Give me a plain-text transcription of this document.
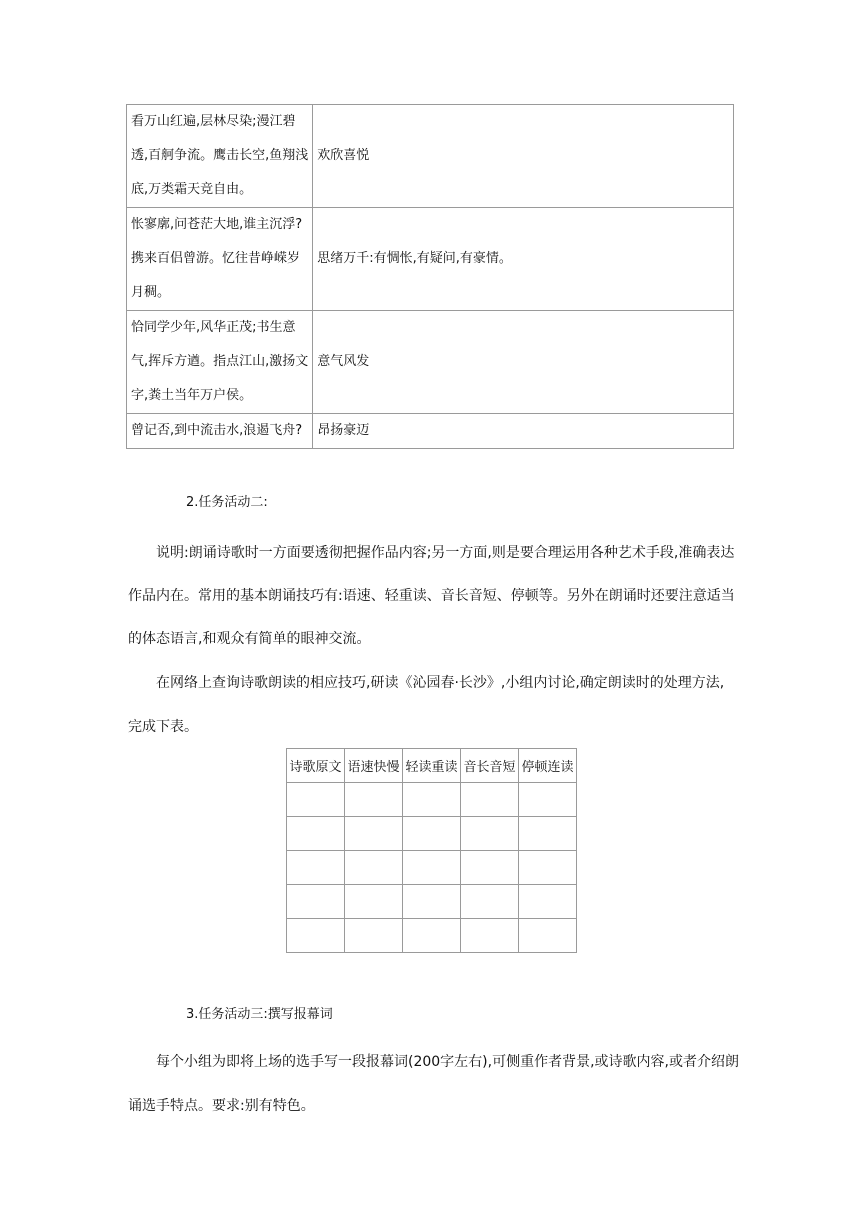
看万山红遍,层林尽染;漫江碧
透,百舸争流。鹰击长空,鱼翔浅
底,万类霜天竞自由。	欢欣喜悦

怅寥廓,问苍茫大地,谁主沉浮?
携来百侣曾游。忆往昔峥嵘岁
月稠。	思绪万千:有惆怅,有疑问,有豪情。

恰同学少年,风华正茂;书生意
气,挥斥方遒。指点江山,激扬文
字,粪土当年万户侯。	意气风发

曾记否,到中流击水,浪遏飞舟?	昂扬豪迈
2.任务活动二:
说明:朗诵诗歌时一方面要透彻把握作品内容;另一方面,则是要合理运用各种艺术手段,准确表达
作品内在。常用的基本朗诵技巧有:语速、轻重读、音长音短、停顿等。另外在朗诵时还要注意适当
的体态语言,和观众有简单的眼神交流。
在网络上查询诗歌朗读的相应技巧,研读《沁园春·长沙》,小组内讨论,确定朗读时的处理方法,
完成下表。
诗歌原文	语速快慢	轻读重读	音长音短	停顿连读

3.任务活动三:撰写报幕词
每个小组为即将上场的选手写一段报幕词(200字左右),可侧重作者背景,或诗歌内容,或者介绍朗
诵选手特点。要求:别有特色。
